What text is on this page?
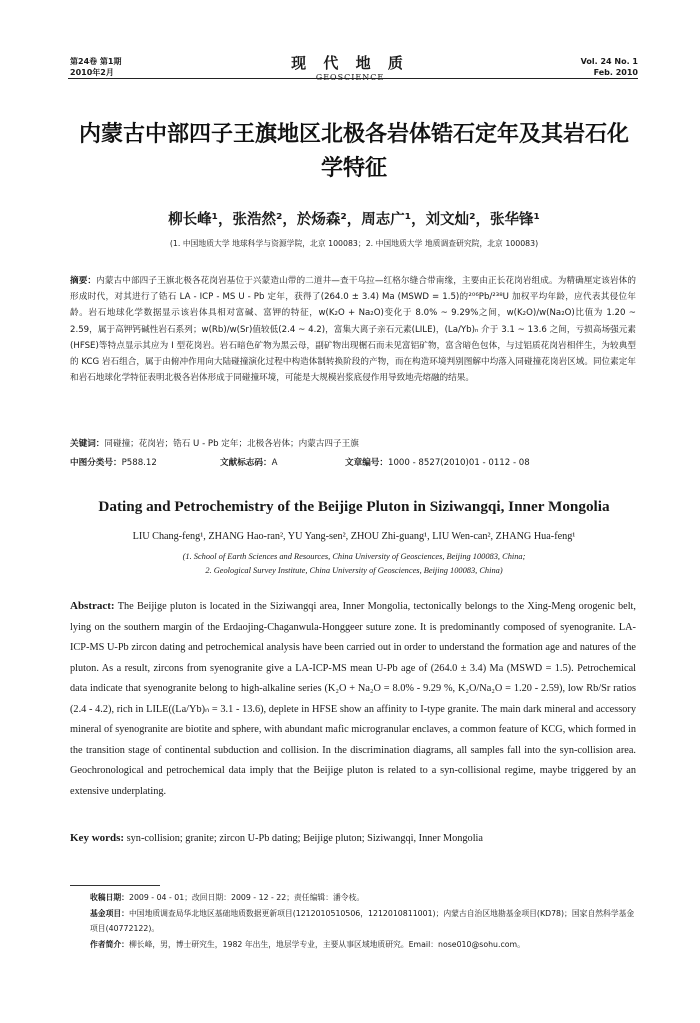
第24卷 第1期
2010年2月
现 代 地 质
GEOSCIENCE
Vol. 24 No. 1
Feb. 2010
内蒙古中部四子王旗地区北极各岩体锆石定年及其岩石化学特征
柳长峰¹，张浩然²，於炀森²，周志广¹，刘文灿²，张华锋¹
(1. 中国地质大学 地球科学与资源学院，北京 100083；2. 中国地质大学 地质调查研究院，北京 100083)
摘要：内蒙古中部四子王旗北极各花岗岩基位于兴蒙造山带的二道井—查干乌拉—红格尔缝合带南缘，主要由正长花岗岩组成。为精确厘定该岩体的形成时代，对其进行了锆石 LA - ICP - MS U - Pb 定年，获得了(264.0 ± 3.4) Ma (MSWD = 1.5)的²⁰⁶Pb/²³⁸U 加权平均年龄，应代表其侵位年龄。岩石地球化学数据显示该岩体具相对富碱、富钾的特征，w(K₂O + Na₂O)变化于 8.0% ~ 9.29%之间，w(K₂O)/w(Na₂O)比值为 1.20 ~ 2.59，属于高钾钙碱性岩石系列；w(Rb)/w(Sr)值较低(2.4 ~ 4.2)，富集大离子亲石元素(LILE)，(La/Yb)ₙ 介于 3.1 ~ 13.6 之间，亏损高场强元素(HFSE)等特点显示其应为 I 型花岗岩。岩石暗色矿物为黑云母，副矿物出现榍石而未见富铝矿物，富含暗色包体，与过铝质花岗岩相伴生，为较典型的 KCG 岩石组合，属于由俯冲作用向大陆碰撞演化过程中构造体制转换阶段的产物，而在构造环境判别图解中均落入同碰撞花岗岩区域。同位素定年和岩石地球化学特征表明北极各岩体形成于同碰撞环境，可能是大规模岩浆底侵作用导致地壳熔融的结果。
关键词：同碰撞；花岗岩；锆石 U - Pb 定年；北极各岩体；内蒙古四子王旗
中图分类号：P588.12	文献标志码：A	文章编号：1000 - 8527(2010)01 - 0112 - 08
Dating and Petrochemistry of the Beijige Pluton in Siziwangqi, Inner Mongolia
LIU Chang-feng¹, ZHANG Hao-ran², YU Yang-sen², ZHOU Zhi-guang¹, LIU Wen-can², ZHANG Hua-feng¹
(1. School of Earth Sciences and Resources, China University of Geosciences, Beijing 100083, China;
2. Geological Survey Institute, China University of Geosciences, Beijing 100083, China)
Abstract: The Beijige pluton is located in the Siziwangqi area, Inner Mongolia, tectonically belongs to the Xing-Meng orogenic belt, lying on the southern margin of the Erdaojing-Chaganwula-Honggeer suture zone. It is predominantly composed of syenogranite. LA-ICP-MS U-Pb zircon dating and petrochemical analysis have been carried out in order to understand the formation age and natures of the pluton. As a result, zircons from syenogranite give a LA-ICP-MS mean U-Pb age of (264.0 ± 3.4) Ma (MSWD = 1.5). Petrochemical data indicate that syenogranite belong to high-alkaline series (K₂O + Na₂O = 8.0% - 9.29 %, K₂O/Na₂O = 1.20 - 2.59), low Rb/Sr ratios (2.4 - 4.2), rich in LILE((La/Yb)ₙ = 3.1 - 13.6), deplete in HFSE show an affinity to I-type granite. The main dark mineral and accessory mineral of syenogranite are biotite and sphere, with abundant mafic microgranular enclaves, a common feature of KCG, which formed in the transition stage of continental subduction and collision. In the discrimination diagrams, all samples fall into the syn-collision area. Geochronological and petrochemical data imply that the Beijige pluton is related to a syn-collisional regime, maybe triggered by an extensive underplating.
Key words: syn-collision; granite; zircon U-Pb dating; Beijige pluton; Siziwangqi, Inner Mongolia

收稿日期：2009 - 04 - 01；改回日期：2009 - 12 - 22；责任编辑：潘令枝。

基金项目：中国地质调查局华北地区基础地质数据更新项目(1212010510506，1212010811001)；内蒙古自治区地勘基金项目(KD78)；国家自然科学基金项目(40772122)。

作者简介：柳长峰，男，博士研究生，1982 年出生，地层学专业，主要从事区域地质研究。Email：nose010@sohu.com。
